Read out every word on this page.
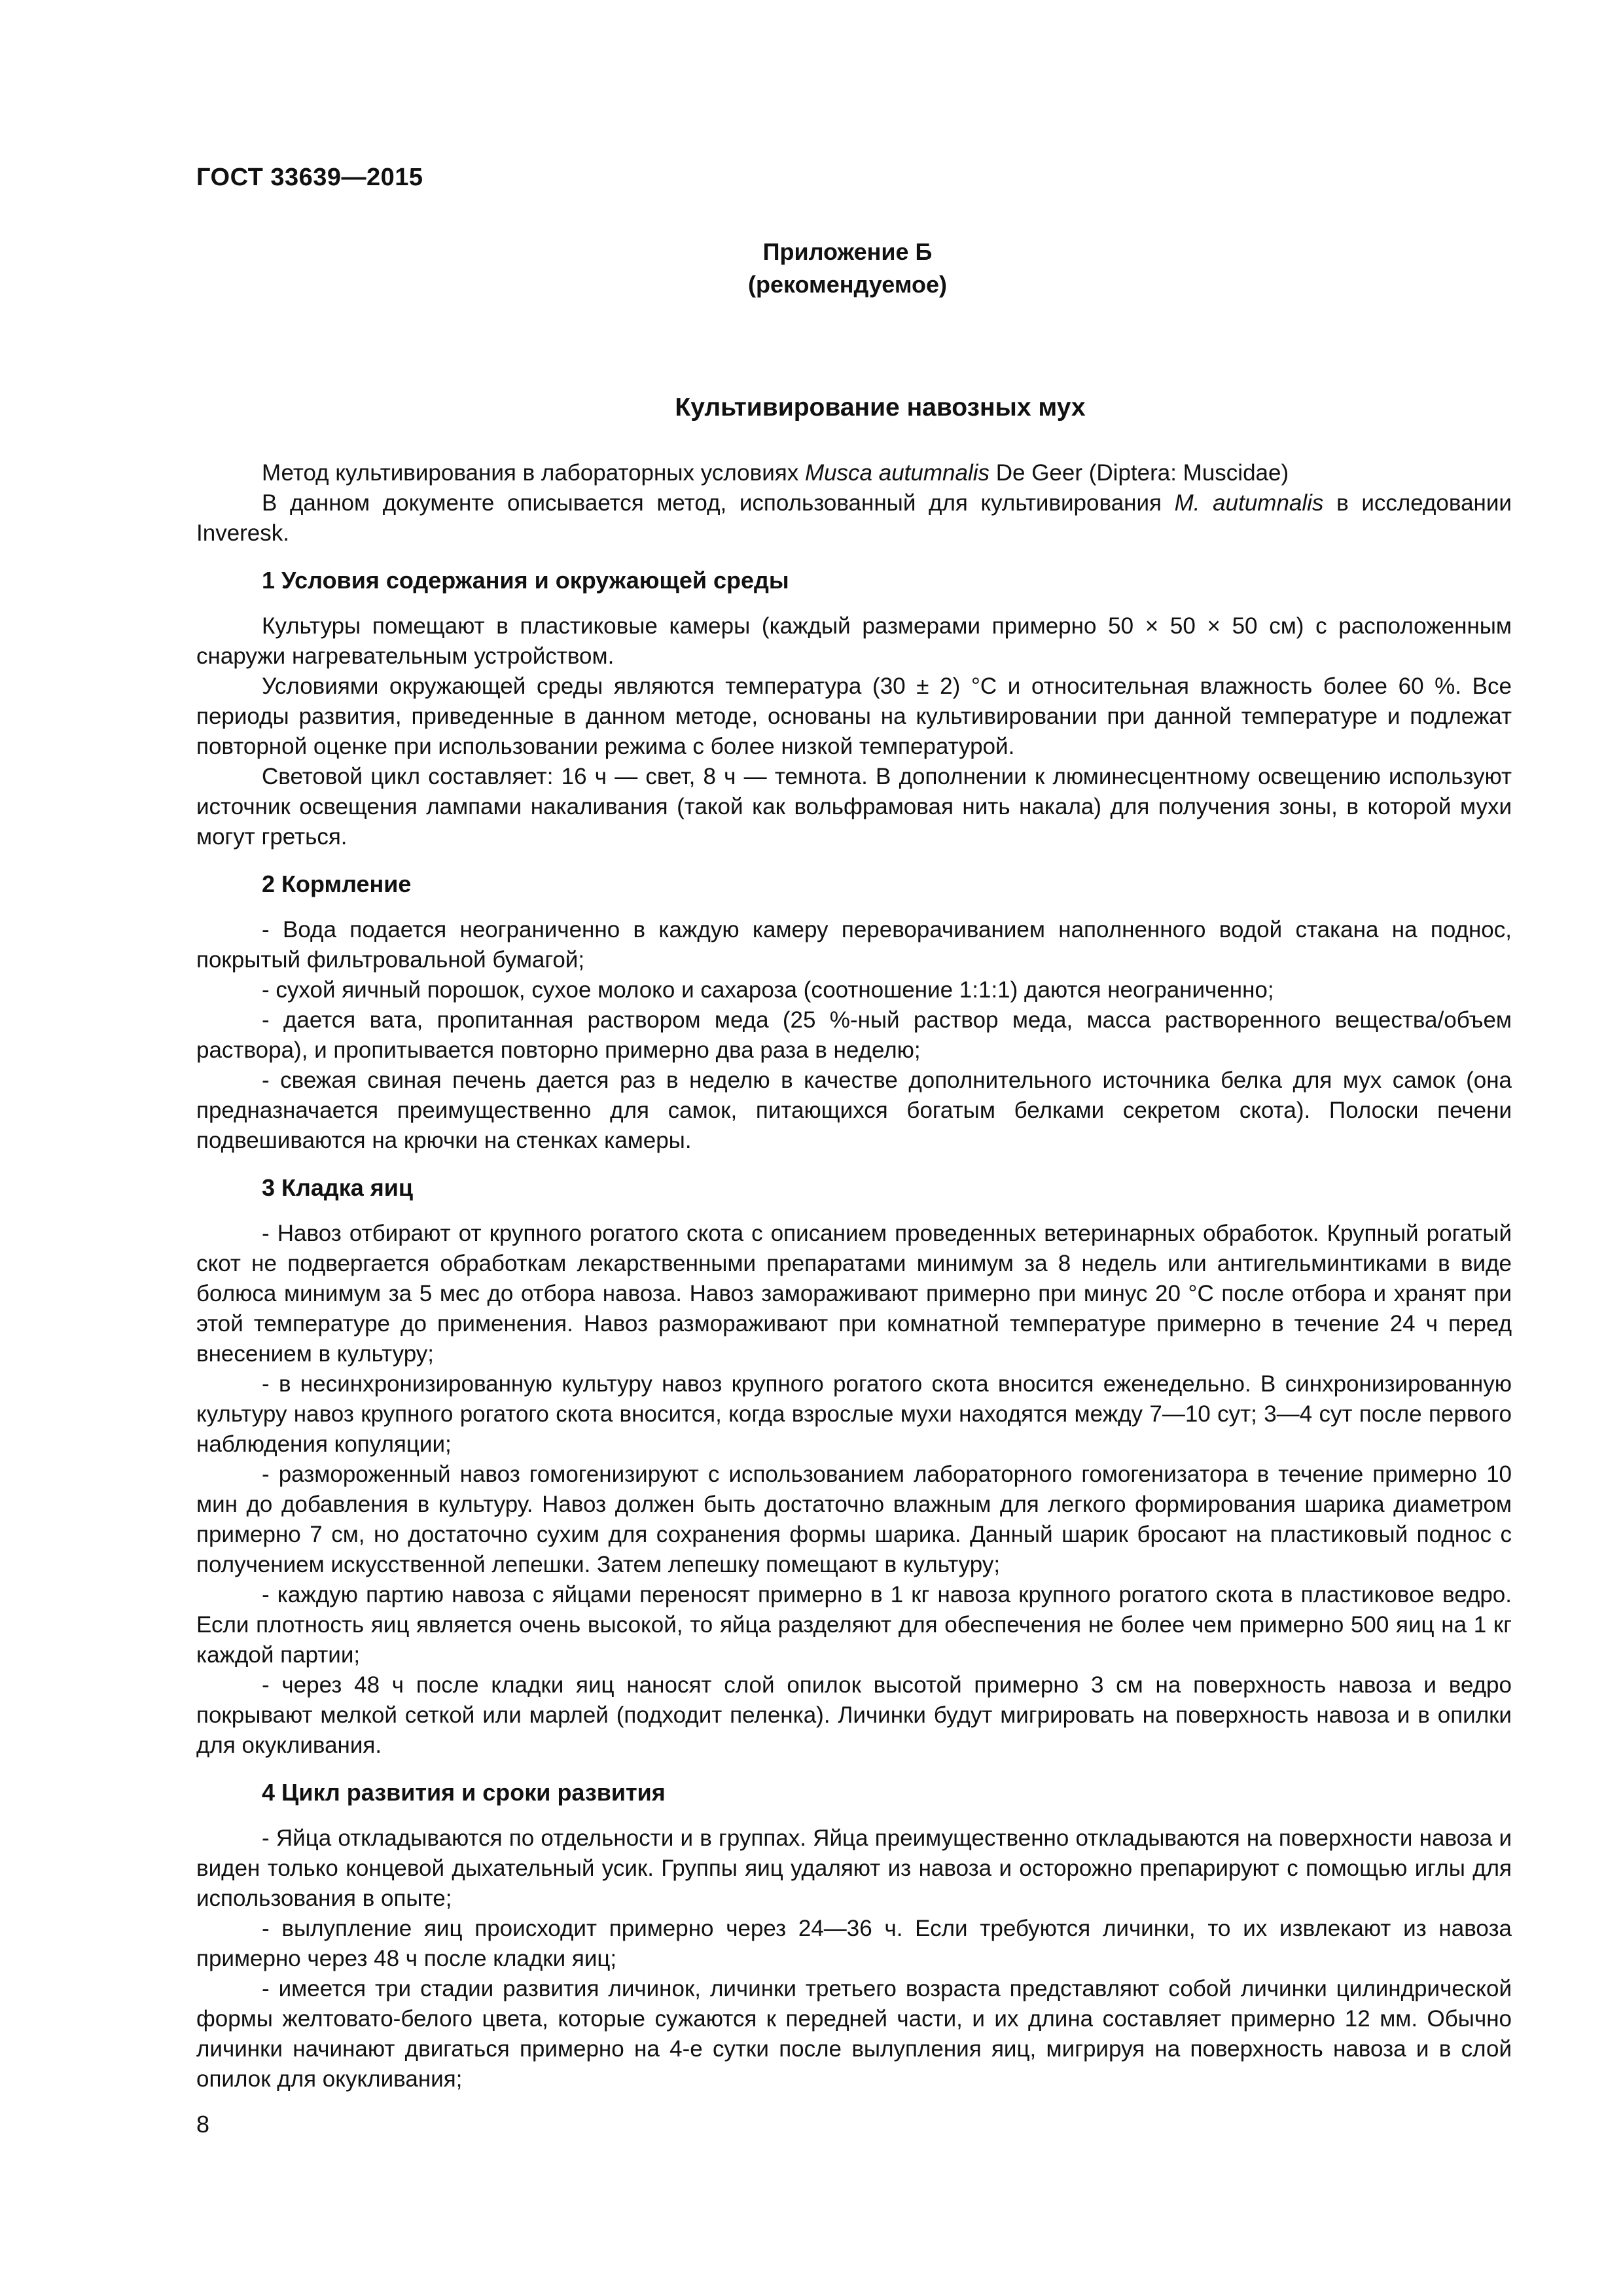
ГОСТ 33639—2015
Приложение Б
(рекомендуемое)
Культивирование навозных мух

Метод культивирования в лабораторных условиях Musca autumnalis De Geer (Diptera: Muscidae)

В данном документе описывается метод, использованный для культивирования M. autumnalis в исследовании Inveresk.

1 Условия содержания и окружающей среды

Культуры помещают в пластиковые камеры (каждый размерами примерно 50 × 50 × 50 см) с расположенным снаружи нагревательным устройством.

Условиями окружающей среды являются температура (30 ± 2) °С и относительная влажность более 60 %. Все периоды развития, приведенные в данном методе, основаны на культивировании при данной температуре и подлежат повторной оценке при использовании режима с более низкой температурой.

Световой цикл составляет: 16 ч — свет, 8 ч — темнота. В дополнении к люминесцентному освещению используют источник освещения лампами накаливания (такой как вольфрамовая нить накала) для получения зоны, в которой мухи могут греться.

2 Кормление

- Вода подается неограниченно в каждую камеру переворачиванием наполненного водой стакана на поднос, покрытый фильтровальной бумагой;

- сухой яичный порошок, сухое молоко и сахароза (соотношение 1:1:1) даются неограниченно;

- дается вата, пропитанная раствором меда (25 %-ный раствор меда, масса растворенного вещества/объем раствора), и пропитывается повторно примерно два раза в неделю;

- свежая свиная печень дается раз в неделю в качестве дополнительного источника белка для мух самок (она предназначается преимущественно для самок, питающихся богатым белками секретом скота). Полоски печени подвешиваются на крючки на стенках камеры.

3 Кладка яиц

- Навоз отбирают от крупного рогатого скота с описанием проведенных ветеринарных обработок. Крупный рогатый скот не подвергается обработкам лекарственными препаратами минимум за 8 недель или антигельминтиками в виде болюса минимум за 5 мес до отбора навоза. Навоз замораживают примерно при минус 20 °С после отбора и хранят при этой температуре до применения. Навоз размораживают при комнатной температуре примерно в течение 24 ч перед внесением в культуру;

- в несинхронизированную культуру навоз крупного рогатого скота вносится еженедельно. В синхронизированную культуру навоз крупного рогатого скота вносится, когда взрослые мухи находятся между 7—10 сут; 3—4 сут после первого наблюдения копуляции;

- размороженный навоз гомогенизируют с использованием лабораторного гомогенизатора в течение примерно 10 мин до добавления в культуру. Навоз должен быть достаточно влажным для легкого формирования шарика диаметром примерно 7 см, но достаточно сухим для сохранения формы шарика. Данный шарик бросают на пластиковый поднос с получением искусственной лепешки. Затем лепешку помещают в культуру;

- каждую партию навоза с яйцами переносят примерно в 1 кг навоза крупного рогатого скота в пластиковое ведро. Если плотность яиц является очень высокой, то яйца разделяют для обеспечения не более чем примерно 500 яиц на 1 кг каждой партии;

- через 48 ч после кладки яиц наносят слой опилок высотой примерно 3 см на поверхность навоза и ведро покрывают мелкой сеткой или марлей (подходит пеленка). Личинки будут мигрировать на поверхность навоза и в опилки для окукливания.

4 Цикл развития и сроки развития

- Яйца откладываются по отдельности и в группах. Яйца преимущественно откладываются на поверхности навоза и виден только концевой дыхательный усик. Группы яиц удаляют из навоза и осторожно препарируют с помощью иглы для использования в опыте;

- вылупление яиц происходит примерно через 24—36 ч. Если требуются личинки, то их извлекают из навоза примерно через 48 ч после кладки яиц;

- имеется три стадии развития личинок, личинки третьего возраста представляют собой личинки цилиндрической формы желтовато-белого цвета, которые сужаются к передней части, и их длина составляет примерно 12 мм. Обычно личинки начинают двигаться примерно на 4-е сутки после вылупления яиц, мигрируя на поверхность навоза и в слой опилок для окукливания;

8
